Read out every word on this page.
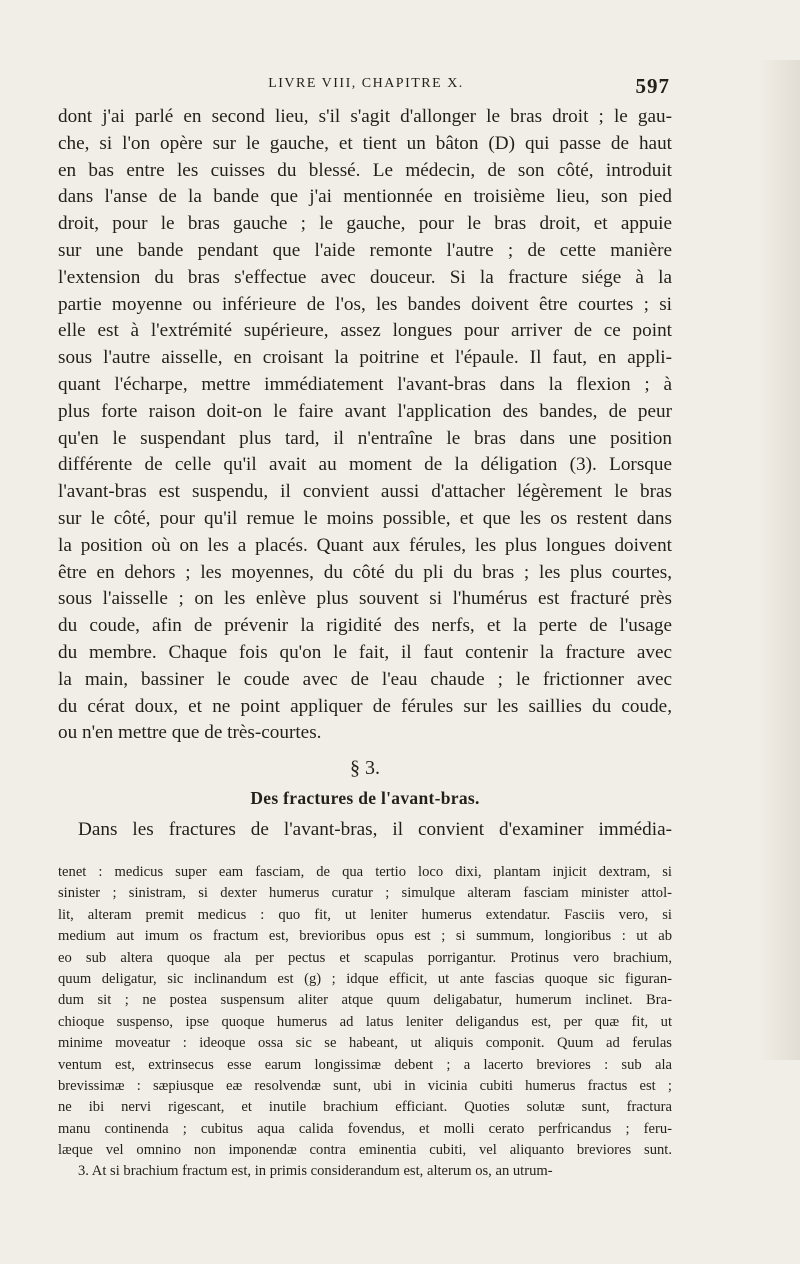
LIVRE VIII, CHAPITRE X.	597
dont j'ai parlé en second lieu, s'il s'agit d'allonger le bras droit ; le gau-
che, si l'on opère sur le gauche, et tient un bâton (D) qui passe de haut
en bas entre les cuisses du blessé. Le médecin, de son côté, introduit
dans l'anse de la bande que j'ai mentionnée en troisième lieu, son pied
droit, pour le bras gauche ; le gauche, pour le bras droit, et appuie
sur une bande pendant que l'aide remonte l'autre ; de cette manière
l'extension du bras s'effectue avec douceur. Si la fracture siége à la
partie moyenne ou inférieure de l'os, les bandes doivent être courtes ; si
elle est à l'extrémité supérieure, assez longues pour arriver de ce point
sous l'autre aisselle, en croisant la poitrine et l'épaule. Il faut, en appli-
quant l'écharpe, mettre immédiatement l'avant-bras dans la flexion ; à
plus forte raison doit-on le faire avant l'application des bandes, de peur
qu'en le suspendant plus tard, il n'entraîne le bras dans une position
différente de celle qu'il avait au moment de la déligation (3). Lorsque
l'avant-bras est suspendu, il convient aussi d'attacher légèrement le bras
sur le côté, pour qu'il remue le moins possible, et que les os restent dans
la position où on les a placés. Quant aux férules, les plus longues doivent
être en dehors ; les moyennes, du côté du pli du bras ; les plus courtes,
sous l'aisselle ; on les enlève plus souvent si l'humérus est fracturé près
du coude, afin de prévenir la rigidité des nerfs, et la perte de l'usage
du membre. Chaque fois qu'on le fait, il faut contenir la fracture avec
la main, bassiner le coude avec de l'eau chaude ; le frictionner avec
du cérat doux, et ne point appliquer de férules sur les saillies du coude,
ou n'en mettre que de très-courtes.
§ 3.
Des fractures de l'avant-bras.
Dans les fractures de l'avant-bras, il convient d'examiner immédia-
tenet : medicus super eam fasciam, de qua tertio loco dixi, plantam injicit dextram, si
sinister ; sinistram, si dexter humerus curatur ; simulque alteram fasciam minister attol-
lit, alteram premit medicus : quo fit, ut leniter humerus extendatur. Fasciis vero, si
medium aut imum os fractum est, brevioribus opus est ; si summum, longioribus : ut ab
eo sub altera quoque ala per pectus et scapulas porrigantur. Protinus vero brachium,
quum deligatur, sic inclinandum est (g) ; idque efficit, ut ante fascias quoque sic figuran-
dum sit ; ne postea suspensum aliter atque quum deligabatur, humerum inclinet. Bra-
chioque suspenso, ipse quoque humerus ad latus leniter deligandus est, per quæ fit, ut
minime moveatur : ideoque ossa sic se habeant, ut aliquis componit. Quum ad ferulas
ventum est, extrinsecus esse earum longissimæ debent ; a lacerto breviores : sub ala
brevissimæ : sæpiusque eæ resolvendæ sunt, ubi in vicinia cubiti humerus fractus est ;
ne ibi nervi rigescant, et inutile brachium efficiant. Quoties solutæ sunt, fractura
manu continenda ; cubitus aqua calida fovendus, et molli cerato perfricandus ; feru-
læque vel omnino non imponendæ contra eminentia cubiti, vel aliquanto breviores sunt.
3. At si brachium fractum est, in primis considerandum est, alterum os, an utrum-
